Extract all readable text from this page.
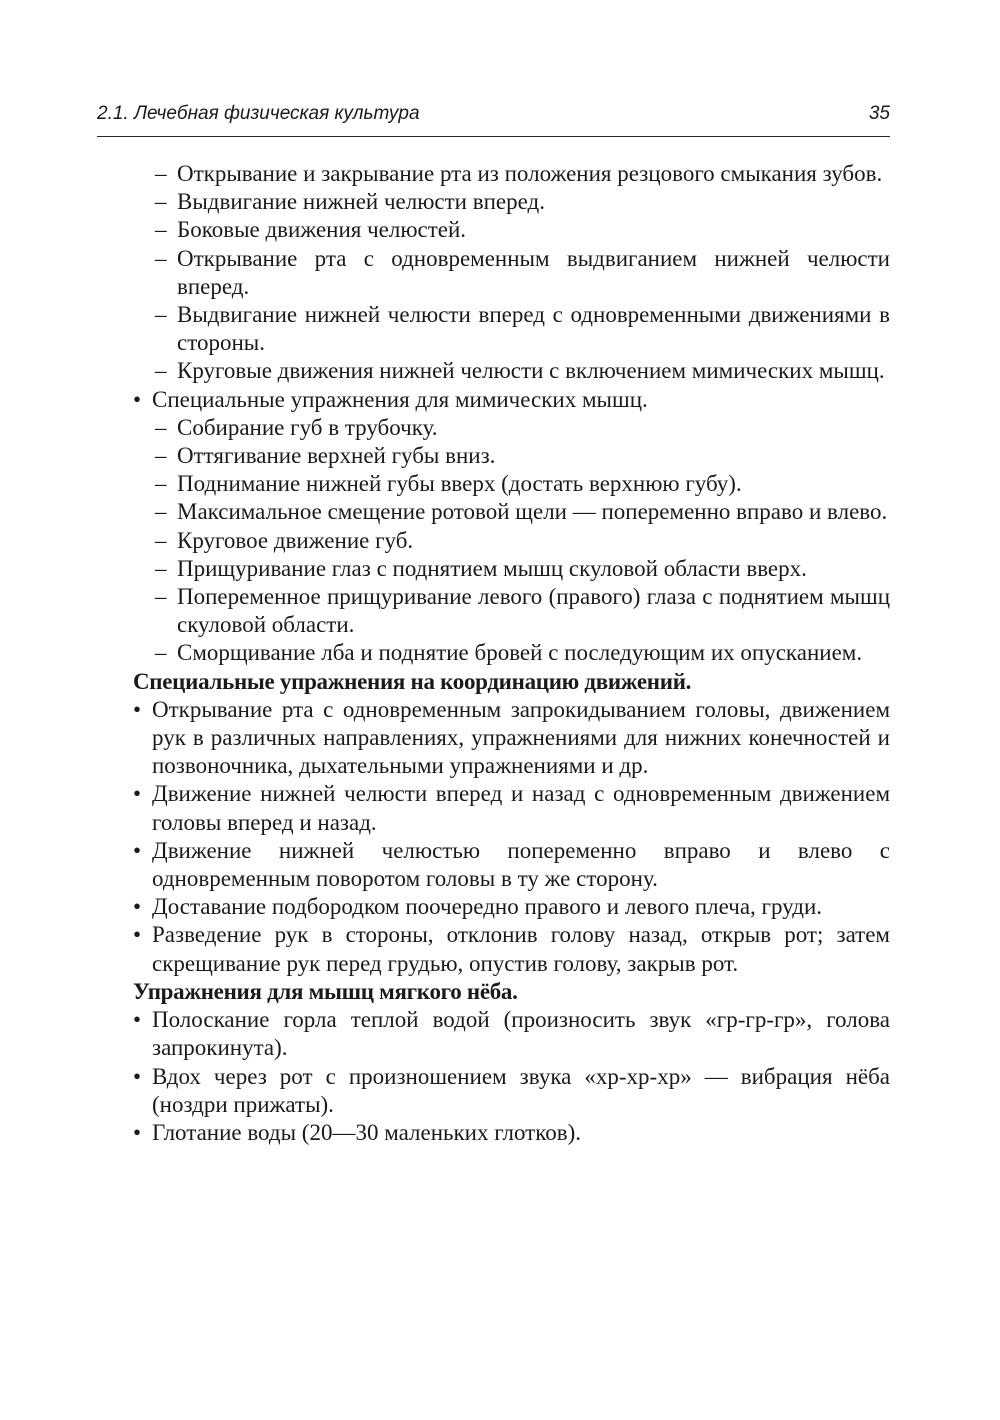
2.1. Лечебная физическая культура	35
– Открывание и закрывание рта из положения резцового смыкания зубов.
– Выдвигание нижней челюсти вперед.
– Боковые движения челюстей.
– Открывание рта с одновременным выдвиганием нижней челюсти вперед.
– Выдвигание нижней челюсти вперед с одновременными движениями в стороны.
– Круговые движения нижней челюсти с включением мимических мышц.
• Специальные упражнения для мимических мышц.
– Собирание губ в трубочку.
– Оттягивание верхней губы вниз.
– Поднимание нижней губы вверх (достать верхнюю губу).
– Максимальное смещение ротовой щели — попеременно вправо и влево.
– Круговое движение губ.
– Прищуривание глаз с поднятием мышц скуловой области вверх.
– Попеременное прищуривание левого (правого) глаза с поднятием мышц скуловой области.
– Сморщивание лба и поднятие бровей с последующим их опусканием.
Специальные упражнения на координацию движений.
• Открывание рта с одновременным запрокидыванием головы, движением рук в различных направлениях, упражнениями для нижних конечностей и позвоночника, дыхательными упражнениями и др.
• Движение нижней челюсти вперед и назад с одновременным движением головы вперед и назад.
• Движение нижней челюстью попеременно вправо и влево с одновременным поворотом головы в ту же сторону.
• Доставание подбородком поочередно правого и левого плеча, груди.
• Разведение рук в стороны, отклонив голову назад, открыв рот; затем скрещивание рук перед грудью, опустив голову, закрыв рот.
Упражнения для мышц мягкого нёба.
• Полоскание горла теплой водой (произносить звук «гр-гр-гр», голова запрокинута).
• Вдох через рот с произношением звука «хр-хр-хр» — вибрация нёба (ноздри прижаты).
• Глотание воды (20—30 маленьких глотков).
